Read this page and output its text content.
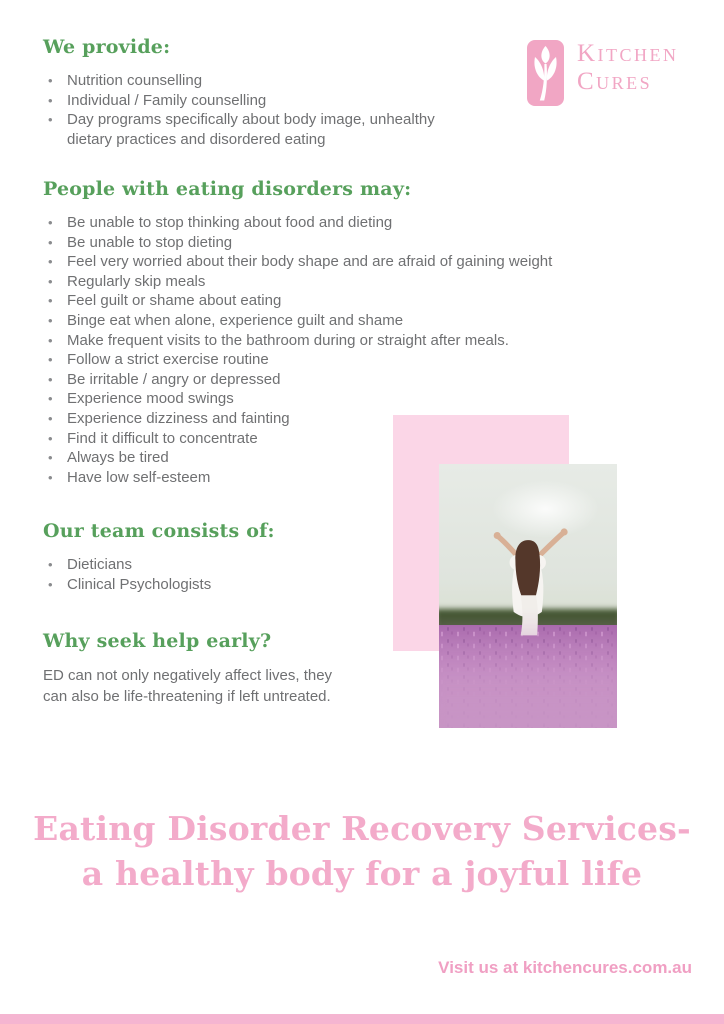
Kitchen
Cures
We provide:
• Nutrition counselling
• Individual / Family counselling
• Day programs specifically about body image, unhealthy dietary practices and disordered eating
People with eating disorders may:
• Be unable to stop thinking about food and dieting
• Be unable to stop dieting
• Feel very worried about their body shape and are afraid of gaining weight
• Regularly skip meals
• Feel guilt or shame about eating
• Binge eat when alone, experience guilt and shame
• Make frequent visits to the bathroom during or straight after meals.
• Follow a strict exercise routine
• Be irritable / angry or depressed
• Experience mood swings
• Experience dizziness and fainting
• Find it difficult to concentrate
• Always be tired
• Have low self-esteem
Our team consists of:
• Dieticians
• Clinical Psychologists
Why seek help early?

ED can not only negatively affect lives, they can also be life-threatening if left untreated.

Eating Disorder Recovery Services-
a healthy body for a joyful life
Visit us at kitchencures.com.au
